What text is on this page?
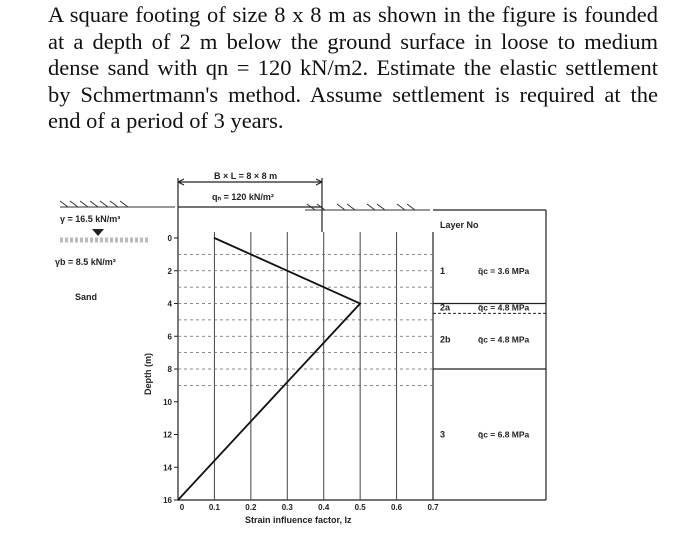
A square footing of size 8 x 8 m as shown in the figure is founded at a depth of 2 m below the ground surface in loose to medium dense sand with qn = 120 kN/m2. Estimate the elastic settlement by Schmertmann's method. Assume settlement is required at the end of a period of 3 years.

B × L = 8 × 8 m
qₙ = 120 kN/m²
γ = 16.5 kN/m³
γb = 8.5 kN/m³
Sand
Layer No
1	q̄c = 3.6 MPa
2a	q̄c = 4.8 MPa
2b	q̄c = 4.8 MPa
3	q̄c = 6.8 MPa
0
2
4
6
8
10
12
14
16
0	0.1	0.2	0.3	0.4	0.5	0.6	0.7
Strain influence factor, Iz
Depth (m)
